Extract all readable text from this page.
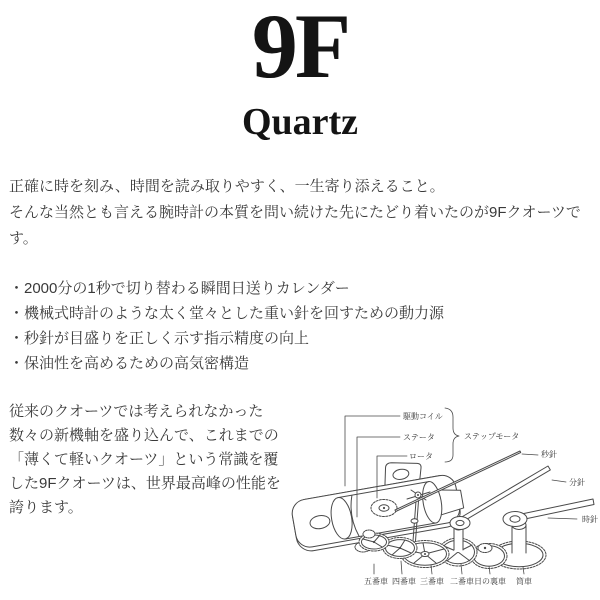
9F
Quartz
正確に時を刻み、時間を読み取りやすく、一生寄り添えること。
そんな当然とも言える腕時計の本質を問い続けた先にたどり着いたのが9Fクオーツで
す。
・2000分の1秒で切り替わる瞬間日送りカレンダー
・機械式時計のような太く堂々とした重い針を回すための動力源
・秒針が目盛りを正しく示す指示精度の向上
・保油性を高めるための高気密構造
従来のクオーツでは考えられなかった
数々の新機軸を盛り込んで、これまでの
「薄くて軽いクオーツ」という常識を覆
した9Fクオーツは、世界最高峰の性能を
誇ります。
駆動コイル
ステータ
ロータ
ステップモータ
秒針
分針
時針
五番車 四番車 三番車 二番車 日の裏車 筒車
